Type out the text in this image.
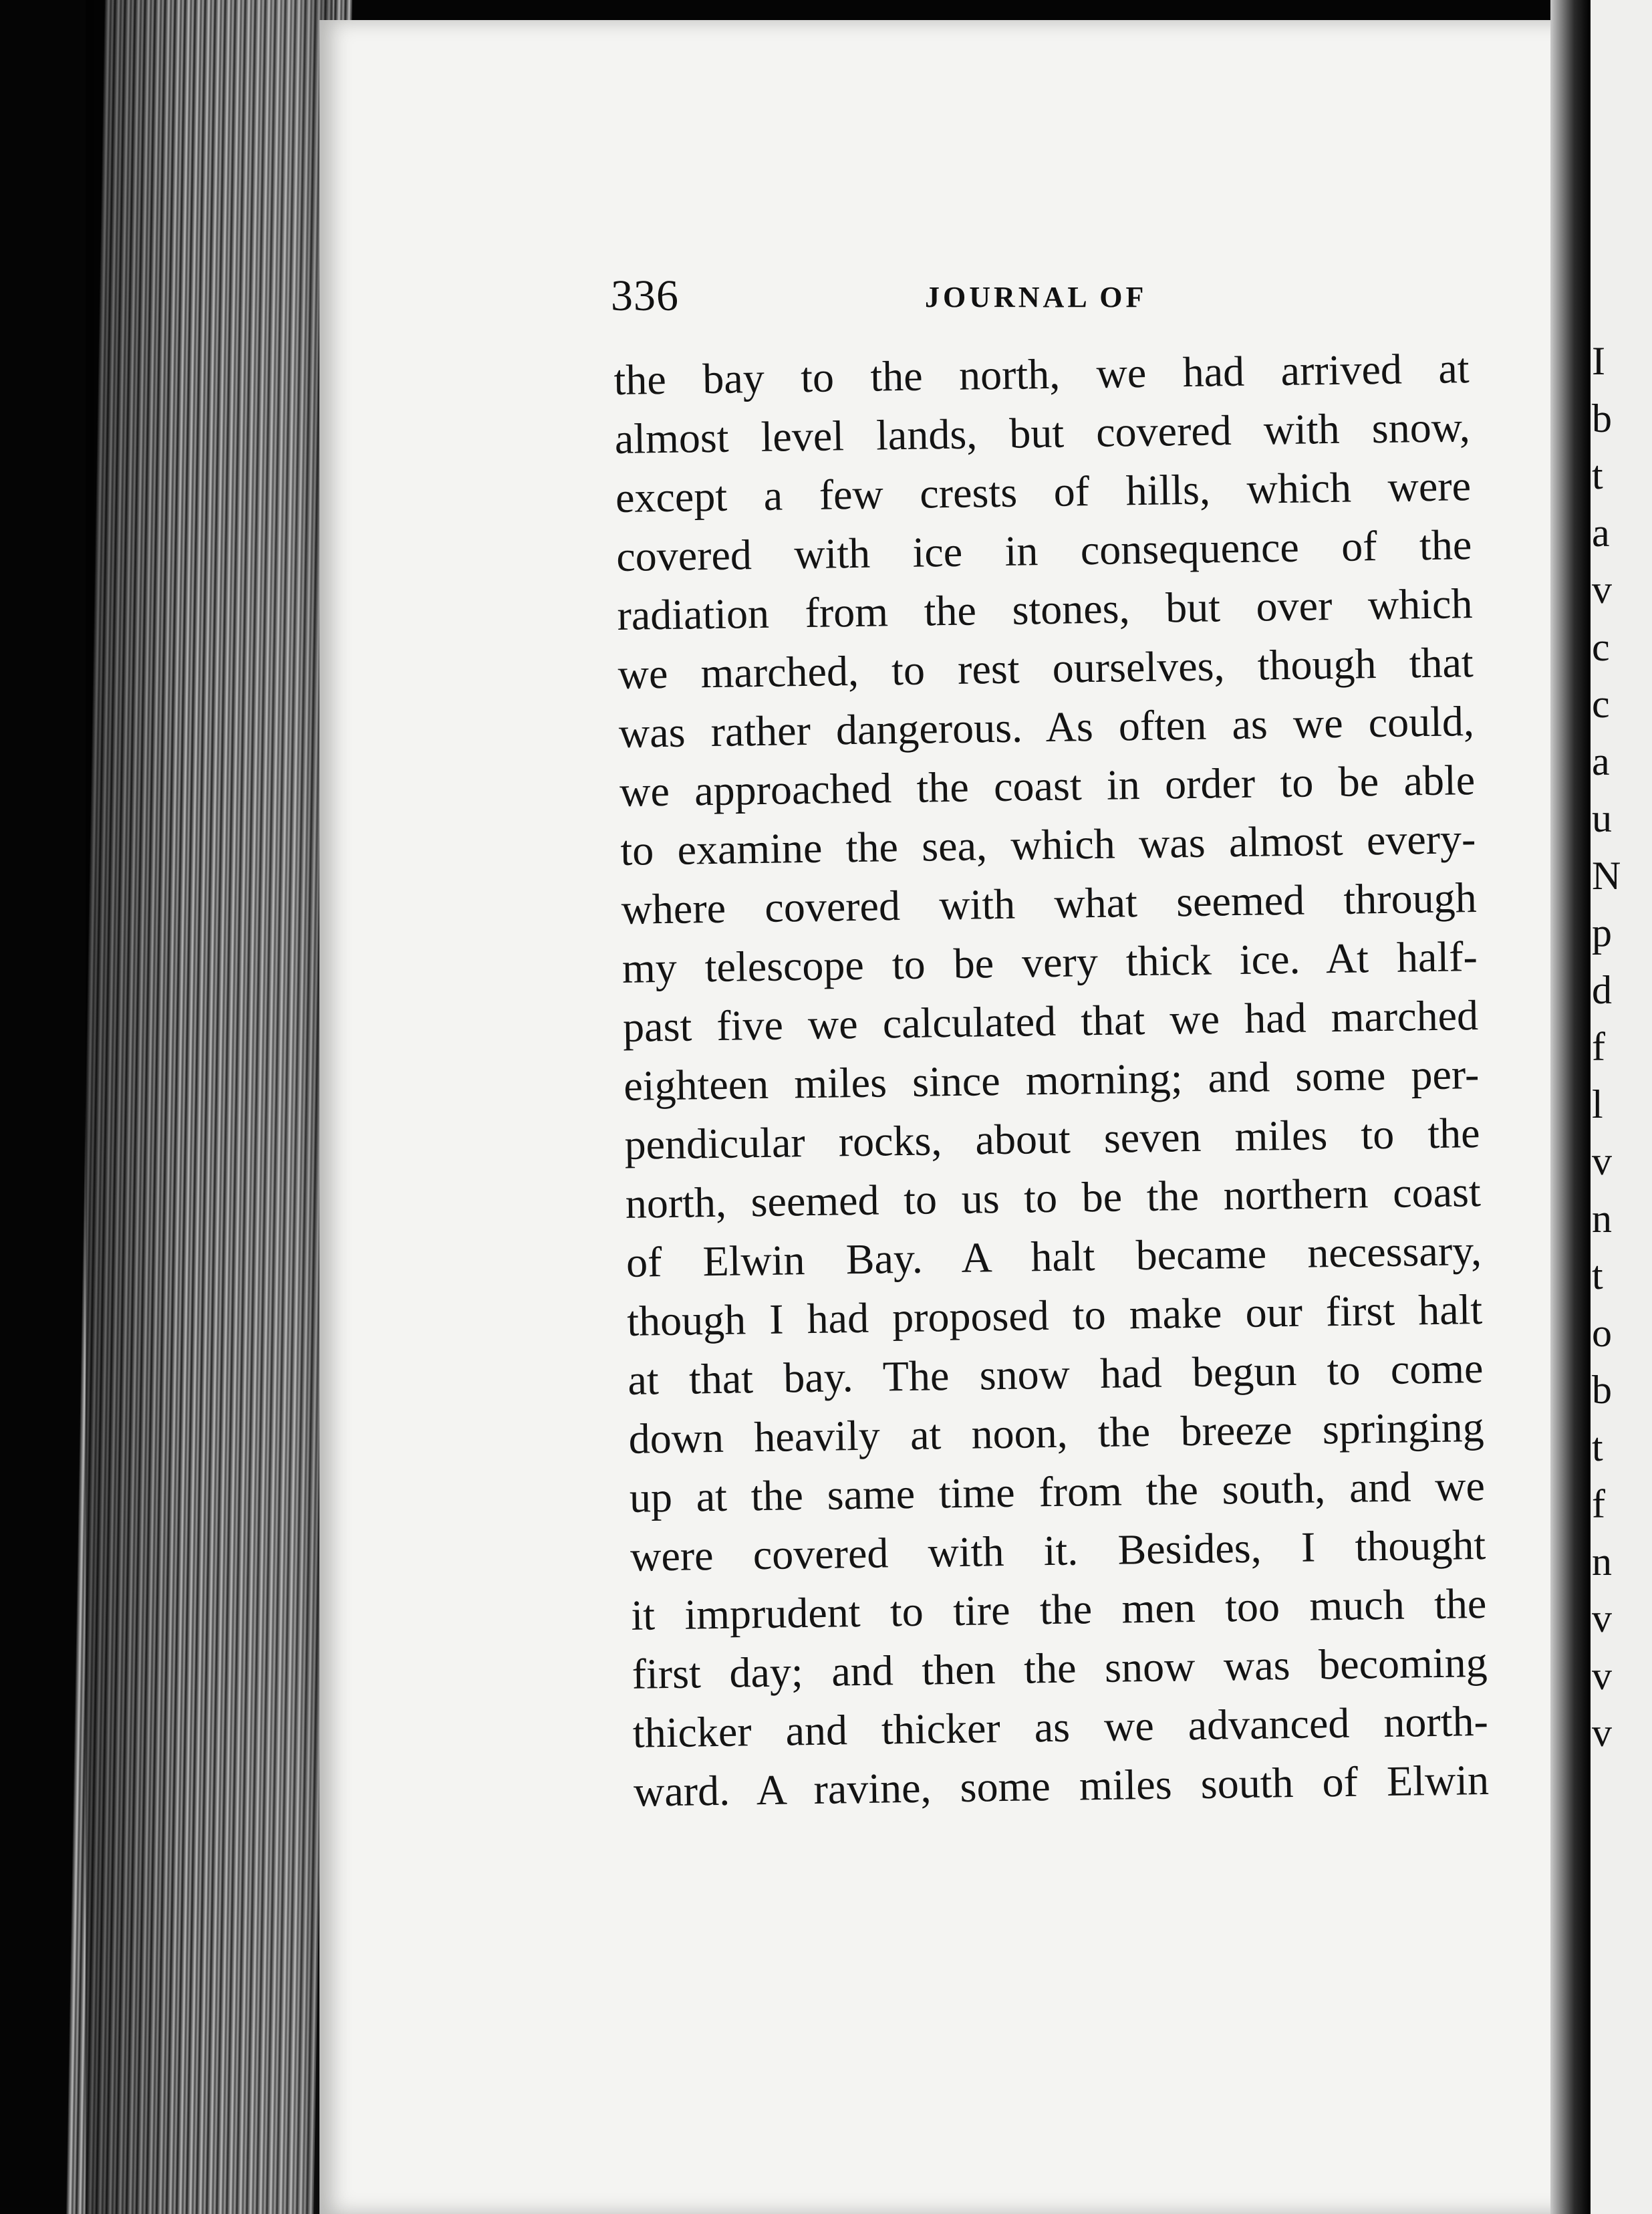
336	JOURNAL OF
the bay to the north, we had arrived at
almost level lands, but covered with snow,
except a few crests of hills, which were
covered with ice in consequence of the
radiation from the stones, but over which
we marched, to rest ourselves, though that
was rather dangerous. As often as we could,
we approached the coast in order to be able
to examine the sea, which was almost every-
where covered with what seemed through
my telescope to be very thick ice. At half-
past five we calculated that we had marched
eighteen miles since morning; and some per-
pendicular rocks, about seven miles to the
north, seemed to us to be the northern coast
of Elwin Bay. A halt became necessary,
though I had proposed to make our first halt
at that bay. The snow had begun to come
down heavily at noon, the breeze springing
up at the same time from the south, and we
were covered with it. Besides, I thought
it imprudent to tire the men too much the
first day; and then the snow was becoming
thicker and thicker as we advanced north-
ward. A ravine, some miles south of Elwin
I
b
t
a
v
c
c
a
u
N
p
d
f
l
v
n
t
o
b
t
f
n
v
v
v
